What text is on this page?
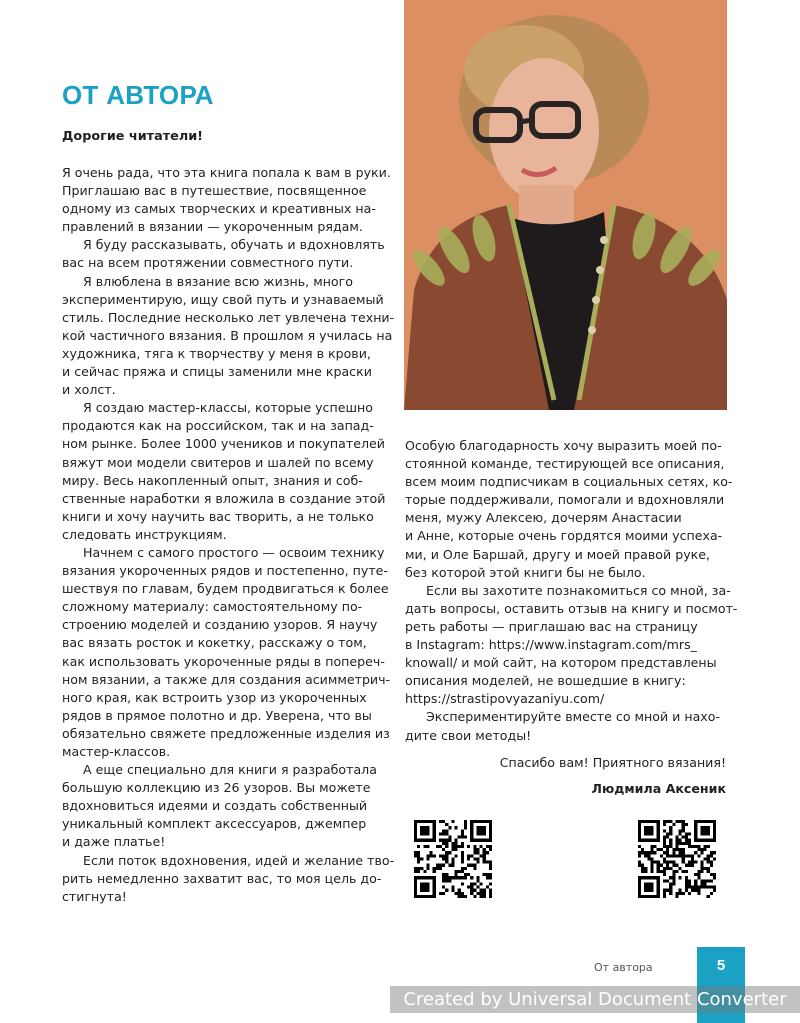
ОТ АВТОРА

Дорогие читатели!

Я очень рада, что эта книга попала к вам в руки.
Приглашаю вас в путешествие, посвященное
одному из самых творческих и креативных на-
правлений в вязании — укороченным рядам.
Я буду рассказывать, обучать и вдохновлять
вас на всем протяжении совместного пути.
Я влюблена в вязание всю жизнь, много
экспериментирую, ищу свой путь и узнаваемый
стиль. Последние несколько лет увлечена техни-
кой частичного вязания. В прошлом я училась на
художника, тяга к творчеству у меня в крови,
и сейчас пряжа и спицы заменили мне краски
и холст.
Я создаю мастер-классы, которые успешно
продаются как на российском, так и на запад-
ном рынке. Более 1000 учеников и покупателей
вяжут мои модели свитеров и шалей по всему
миру. Весь накопленный опыт, знания и соб-
ственные наработки я вложила в создание этой
книги и хочу научить вас творить, а не только
следовать инструкциям.
Начнем с самого простого — освоим технику
вязания укороченных рядов и постепенно, путе-
шествуя по главам, будем продвигаться к более
сложному материалу: самостоятельному по-
строению моделей и созданию узоров. Я научу
вас вязать росток и кокетку, расскажу о том,
как использовать укороченные ряды в попереч-
ном вязании, а также для создания асимметрич-
ного края, как встроить узор из укороченных
рядов в прямое полотно и др. Уверена, что вы
обязательно свяжете предложенные изделия из
мастер-классов.
А еще специально для книги я разработала
большую коллекцию из 26 узоров. Вы можете
вдохновиться идеями и создать собственный
уникальный комплект аксессуаров, джемпер
и даже платье!
Если поток вдохновения, идей и желание тво-
рить немедленно захватит вас, то моя цель до-
стигнута!
Особую благодарность хочу выразить моей по-
стоянной команде, тестирующей все описания,
всем моим подписчикам в социальных сетях, ко-
торые поддерживали, помогали и вдохновляли
меня, мужу Алексею, дочерям Анастасии
и Анне, которые очень гордятся моими успеха-
ми, и Оле Баршай, другу и моей правой руке,
без которой этой книги бы не было.
Если вы захотите познакомиться со мной, за-
дать вопросы, оставить отзыв на книгу и посмот-
реть работы — приглашаю вас на страницу
в Instagram: https://www.instagram.com/mrs_
knowall/ и мой сайт, на котором представлены
описания моделей, не вошедшие в книгу:
https://strastipovyazaniyu.com/
Экспериментируйте вместе со мной и нахо-
дите свои методы!
Спасибо вам! Приятного вязания!
Людмила Аксеник
От автора	5
Created by Universal Document Converter
